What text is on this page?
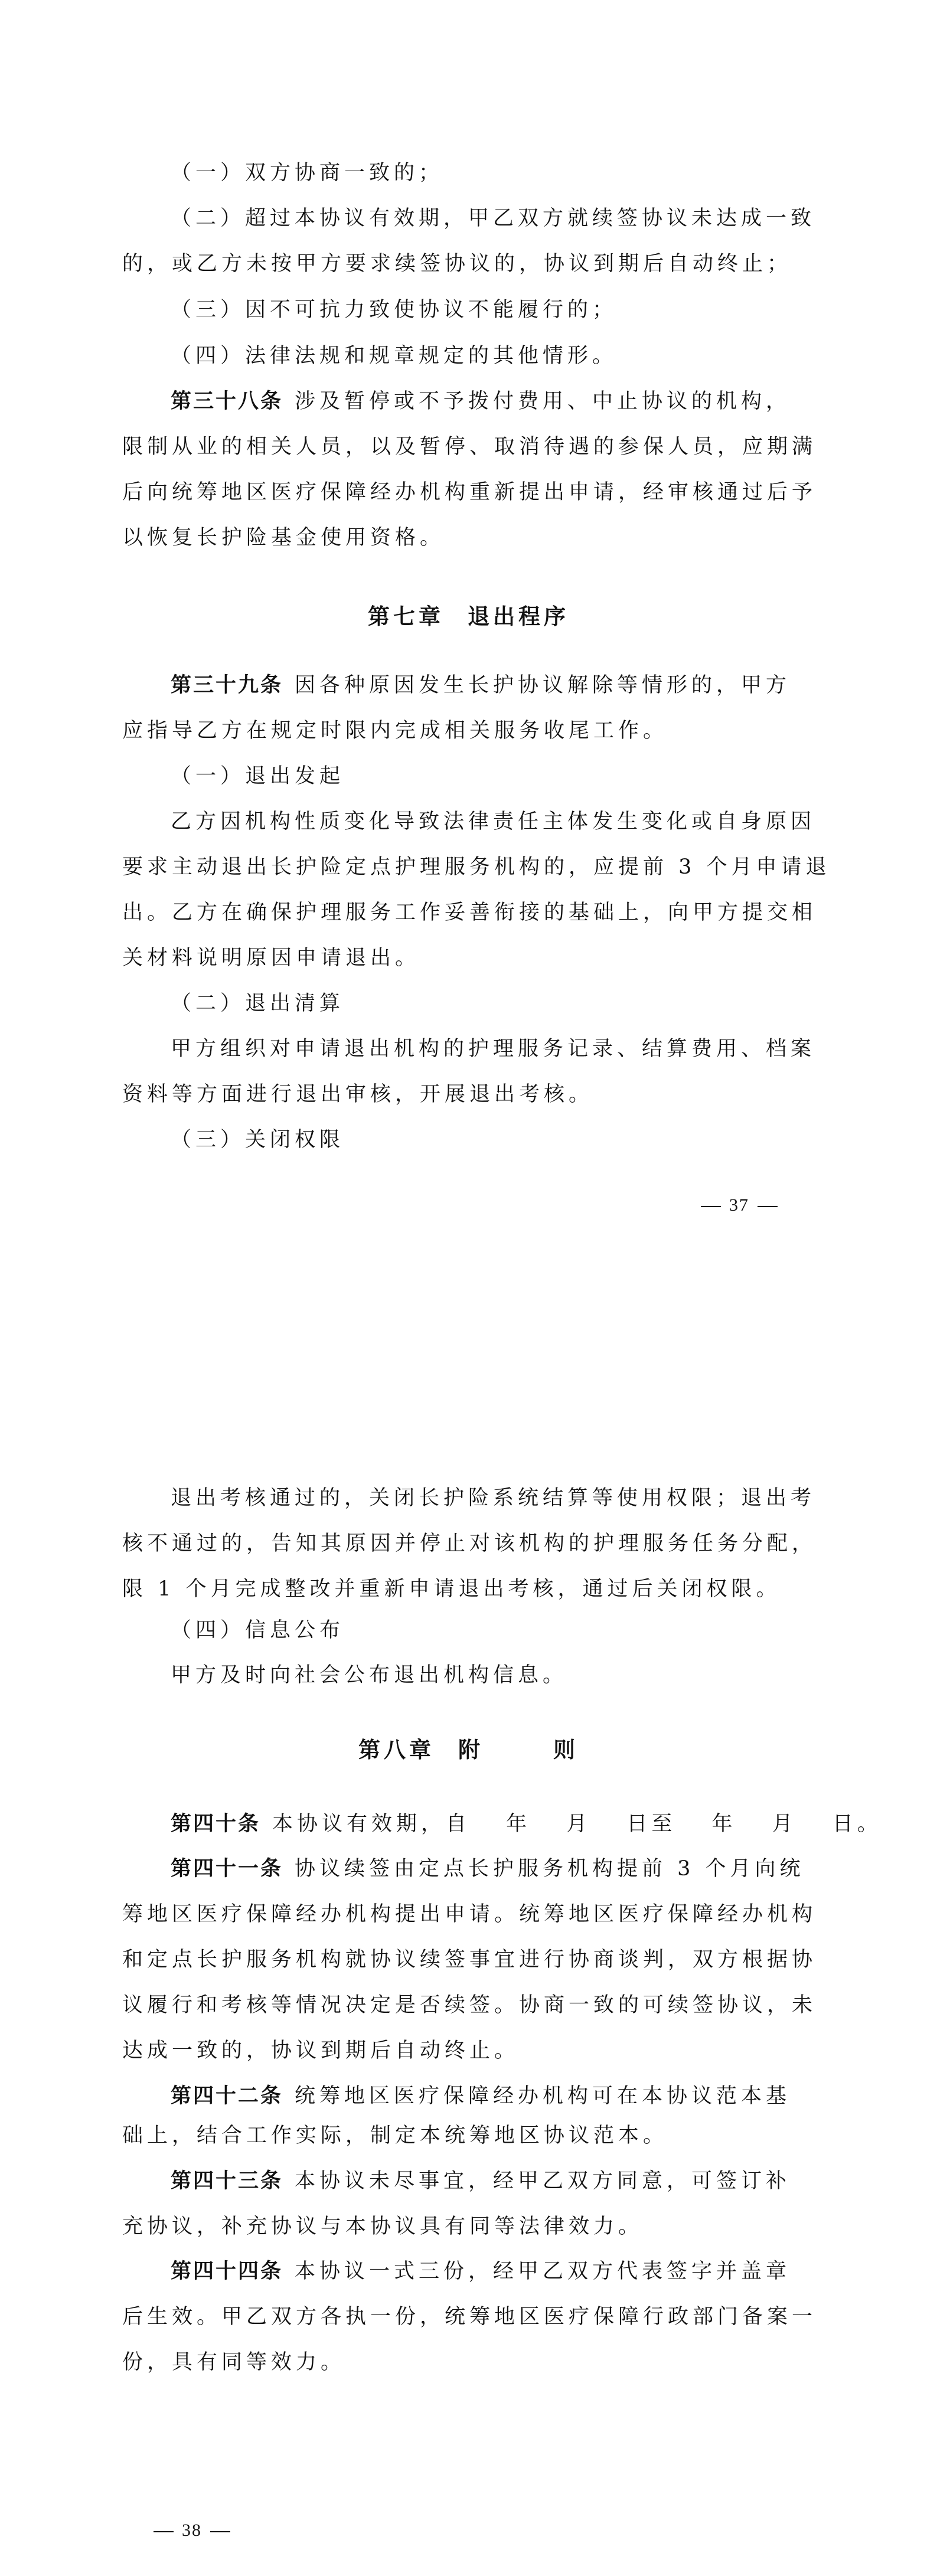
（一）双方协商一致的；
（二）超过本协议有效期，甲乙双方就续签协议未达成一致
的，或乙方未按甲方要求续签协议的，协议到期后自动终止；
（三）因不可抗力致使协议不能履行的；
（四）法律法规和规章规定的其他情形。
第三十八条 涉及暂停或不予拨付费用、中止协议的机构，
限制从业的相关人员，以及暂停、取消待遇的参保人员，应期满
后向统筹地区医疗保障经办机构重新提出申请，经审核通过后予
以恢复长护险基金使用资格。
第七章 退出程序
第三十九条 因各种原因发生长护协议解除等情形的，甲方
应指导乙方在规定时限内完成相关服务收尾工作。
（一）退出发起
乙方因机构性质变化导致法律责任主体发生变化或自身原因
要求主动退出长护险定点护理服务机构的，应提前 3 个月申请退
出。乙方在确保护理服务工作妥善衔接的基础上，向甲方提交相
关材料说明原因申请退出。
（二）退出清算
甲方组织对申请退出机构的护理服务记录、结算费用、档案
资料等方面进行退出审核，开展退出考核。
（三）关闭权限
37
退出考核通过的，关闭长护险系统结算等使用权限；退出考
核不通过的，告知其原因并停止对该机构的护理服务任务分配，
限 1 个月完成整改并重新申请退出考核，通过后关闭权限。
（四）信息公布
甲方及时向社会公布退出机构信息。
第八章 附	则
第四十条 本协议有效期，自　 年　 月　 日至　 年　 月　 日。
第四十一条 协议续签由定点长护服务机构提前 3 个月向统
筹地区医疗保障经办机构提出申请。统筹地区医疗保障经办机构
和定点长护服务机构就协议续签事宜进行协商谈判，双方根据协
议履行和考核等情况决定是否续签。协商一致的可续签协议，未
达成一致的，协议到期后自动终止。
第四十二条 统筹地区医疗保障经办机构可在本协议范本基
础上，结合工作实际，制定本统筹地区协议范本。
第四十三条 本协议未尽事宜，经甲乙双方同意，可签订补
充协议，补充协议与本协议具有同等法律效力。
第四十四条 本协议一式三份，经甲乙双方代表签字并盖章
后生效。甲乙双方各执一份，统筹地区医疗保障行政部门备案一
份，具有同等效力。
38
